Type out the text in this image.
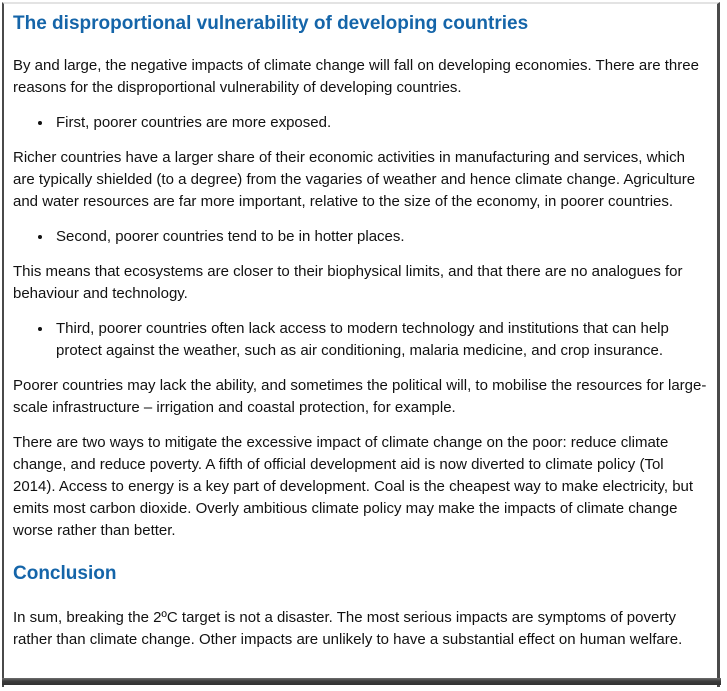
The disproportional vulnerability of developing countries

By and large, the negative impacts of climate change will fall on developing economies. There are three reasons for the disproportional vulnerability of developing countries.

• First, poorer countries are more exposed.

Richer countries have a larger share of their economic activities in manufacturing and services, which are typically shielded (to a degree) from the vagaries of weather and hence climate change. Agriculture and water resources are far more important, relative to the size of the economy, in poorer countries.

• Second, poorer countries tend to be in hotter places.

This means that ecosystems are closer to their biophysical limits, and that there are no analogues for behaviour and technology.

• Third, poorer countries often lack access to modern technology and institutions that can help protect against the weather, such as air conditioning, malaria medicine, and crop insurance.

Poorer countries may lack the ability, and sometimes the political will, to mobilise the resources for large-scale infrastructure – irrigation and coastal protection, for example.

There are two ways to mitigate the excessive impact of climate change on the poor: reduce climate change, and reduce poverty. A fifth of official development aid is now diverted to climate policy (Tol 2014). Access to energy is a key part of development. Coal is the cheapest way to make electricity, but emits most carbon dioxide. Overly ambitious climate policy may make the impacts of climate change worse rather than better.

Conclusion

In sum, breaking the 2ºC target is not a disaster. The most serious impacts are symptoms of poverty rather than climate change. Other impacts are unlikely to have a substantial effect on human welfare.
